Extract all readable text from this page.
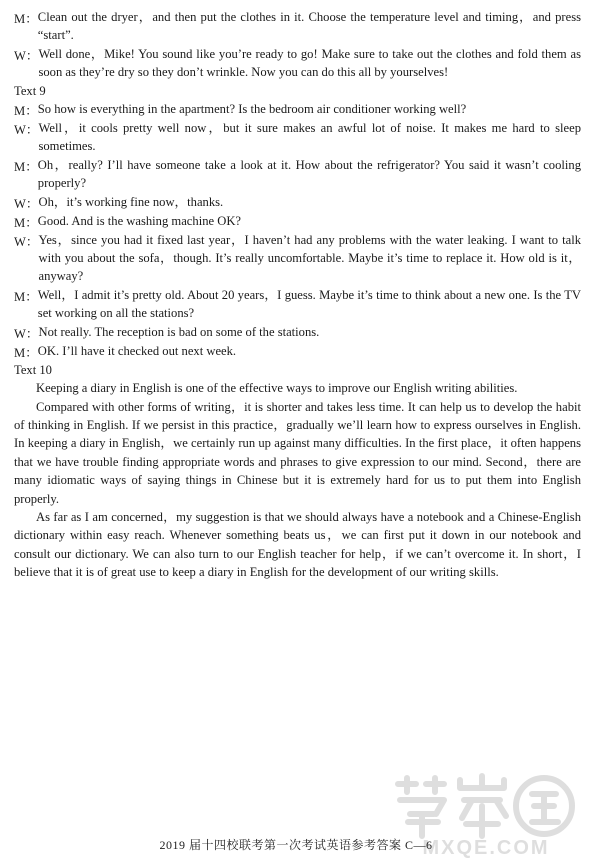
M： Clean out the dryer，and then put the clothes in it. Choose the temperature level and timing，and press “start”.
W： Well done，Mike! You sound like you’re ready to go! Make sure to take out the clothes and fold them as soon as they’re dry so they don’t wrinkle. Now you can do this all by yourselves!

Text 9

M： So how is everything in the apartment? Is the bedroom air conditioner working well?
W： Well，it cools pretty well now，but it sure makes an awful lot of noise. It makes me hard to sleep sometimes.
M： Oh，really? I’ll have someone take a look at it. How about the refrigerator? You said it wasn’t cooling properly?
W： Oh，it’s working fine now，thanks.
M： Good. And is the washing machine OK?
W： Yes，since you had it fixed last year，I haven’t had any problems with the water leaking. I want to talk with you about the sofa，though. It’s really uncomfortable. Maybe it’s time to replace it. How old is it，anyway?
M： Well，I admit it’s pretty old. About 20 years，I guess. Maybe it’s time to think about a new one. Is the TV set working on all the stations?
W： Not really. The reception is bad on some of the stations.
M： OK. I’ll have it checked out next week.

Text 10

Keeping a diary in English is one of the effective ways to improve our English writing abilities.

Compared with other forms of writing，it is shorter and takes less time. It can help us to develop the habit of thinking in English. If we persist in this practice，gradually we’ll learn how to express ourselves in English. In keeping a diary in English，we certainly run up against many difficulties. In the first place，it often happens that we have trouble finding appropriate words and phrases to give expression to our mind. Second，there are many idiomatic ways of saying things in Chinese but it is extremely hard for us to put them into English properly.

As far as I am concerned，my suggestion is that we should always have a notebook and a Chinese-English dictionary within easy reach. Whenever something beats us，we can first put it down in our notebook and consult our dictionary. We can also turn to our English teacher for help，if we can’t overcome it. In short，I believe that it is of great use to keep a diary in English for the development of our writing skills.

MXQE.COM
2019 届十四校联考第一次考试英语参考答案 C—6
